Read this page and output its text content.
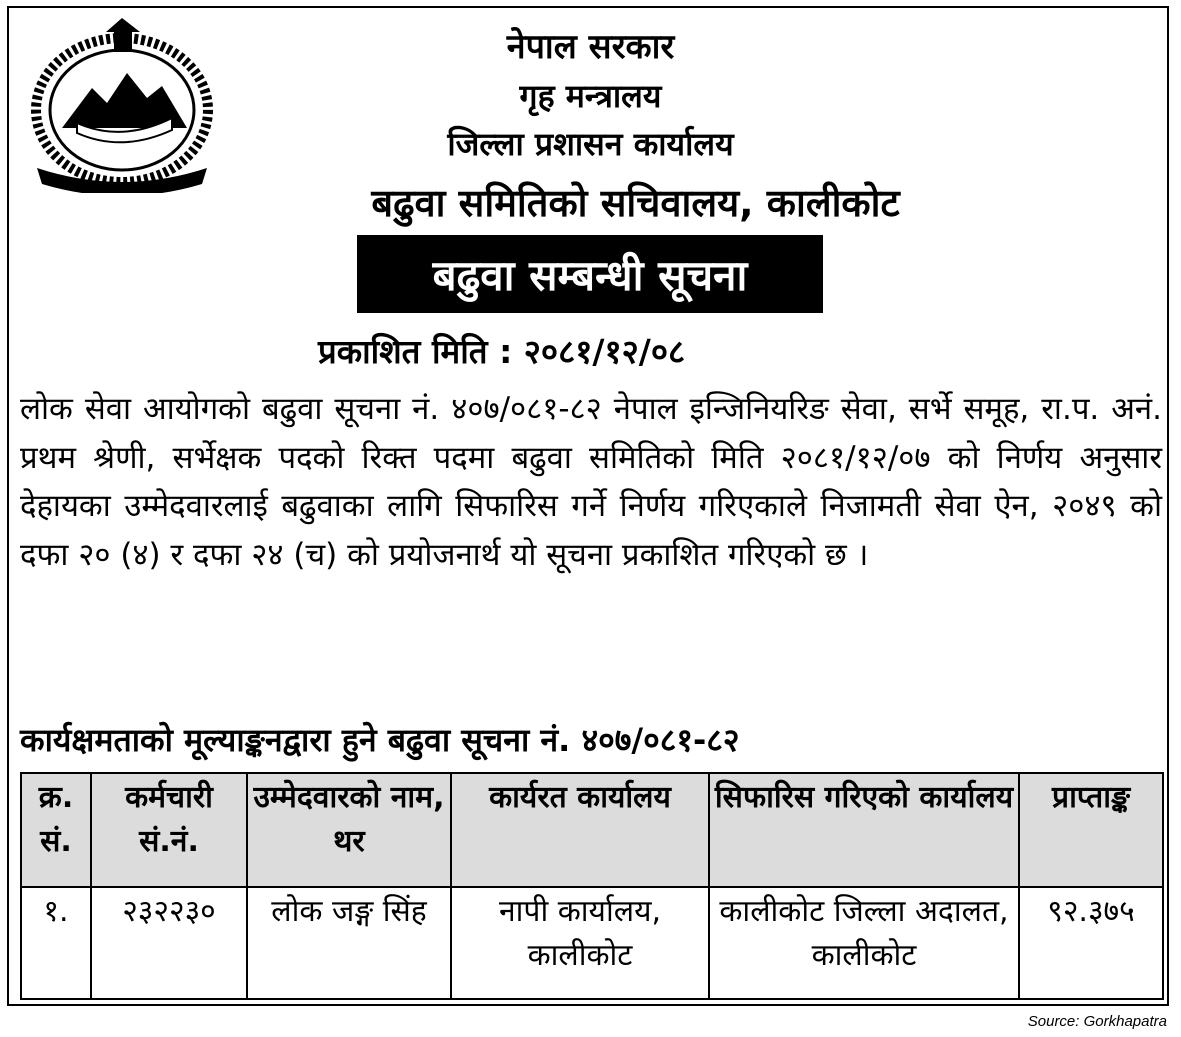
नेपाल सरकार
गृह मन्त्रालय
जिल्ला प्रशासन कार्यालय
बढुवा समितिको सचिवालय, कालीकोट
बढुवा सम्बन्धी सूचना
प्रकाशित मिति : २०८१/१२/०८
लोक सेवा आयोगको बढुवा सूचना नं. ४०७/०८१-८२ नेपाल इन्जिनियरिङ सेवा, सर्भे समूह, रा.प. अनं. प्रथम श्रेणी, सर्भेक्षक पदको रिक्त पदमा बढुवा समितिको मिति २०८१/१२/०७ को निर्णय अनुसार देहायका उम्मेदवारलाई बढुवाका लागि सिफारिस गर्ने निर्णय गरिएकाले निजामती सेवा ऐन, २०४९ को दफा २० (४) र दफा २४ (च) को प्रयोजनार्थ यो सूचना प्रकाशित गरिएको छ ।
कार्यक्षमताको मूल्याङ्कनद्वारा हुने बढुवा सूचना नं. ४०७/०८१-८२
क्र. सं.	कर्मचारी सं.नं.	उम्मेदवारको नाम, थर	कार्यरत कार्यालय	सिफारिस गरिएको कार्यालय	प्राप्ताङ्क
१.	२३२२३०	लोक जङ्ग सिंह	नापी कार्यालय, कालीकोट	कालीकोट जिल्ला अदालत, कालीकोट	९२.३७५
Source: Gorkhapatra
